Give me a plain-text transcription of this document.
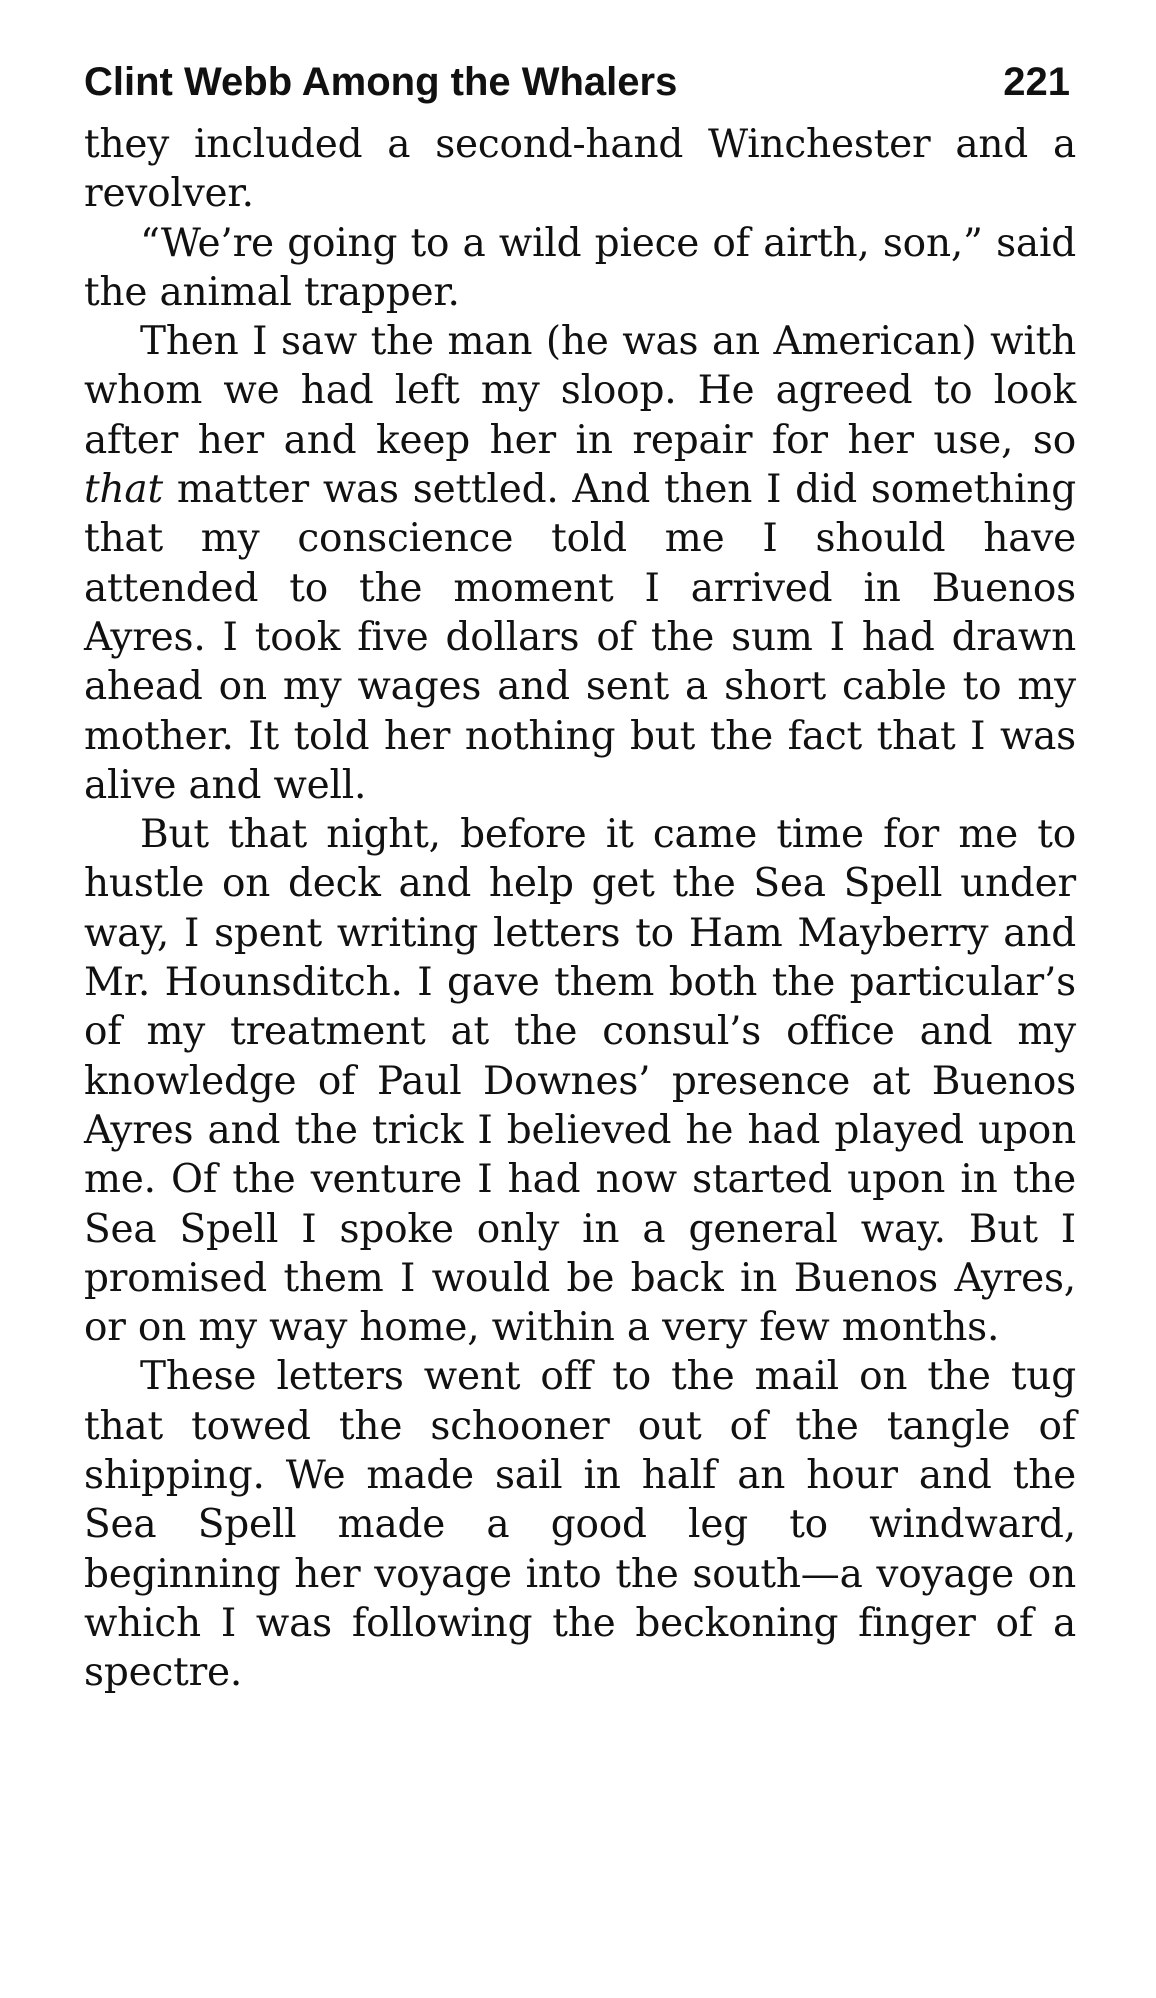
Clint Webb Among the Whalers	221

they included a second-hand Winchester and a revolver.

“We’re going to a wild piece of airth, son,” said the animal trapper.

Then I saw the man (he was an American) with whom we had left my sloop. He agreed to look after her and keep her in repair for her use, so that matter was settled. And then I did something that my conscience told me I should have attended to the moment I arrived in Buenos Ayres. I took five dollars of the sum I had drawn ahead on my wages and sent a short cable to my mother. It told her nothing but the fact that I was alive and well.

But that night, before it came time for me to hustle on deck and help get the Sea Spell under way, I spent writing letters to Ham Mayberry and Mr. Hounsditch. I gave them both the particular’s of my treatment at the consul’s office and my knowledge of Paul Downes’ presence at Buenos Ayres and the trick I believed he had played upon me. Of the venture I had now started upon in the Sea Spell I spoke only in a general way. But I promised them I would be back in Buenos Ayres, or on my way home, within a very few months.

These letters went off to the mail on the tug that towed the schooner out of the tangle of shipping. We made sail in half an hour and the Sea Spell made a good leg to windward, beginning her voyage into the south—a voyage on which I was following the beckoning finger of a spectre.
